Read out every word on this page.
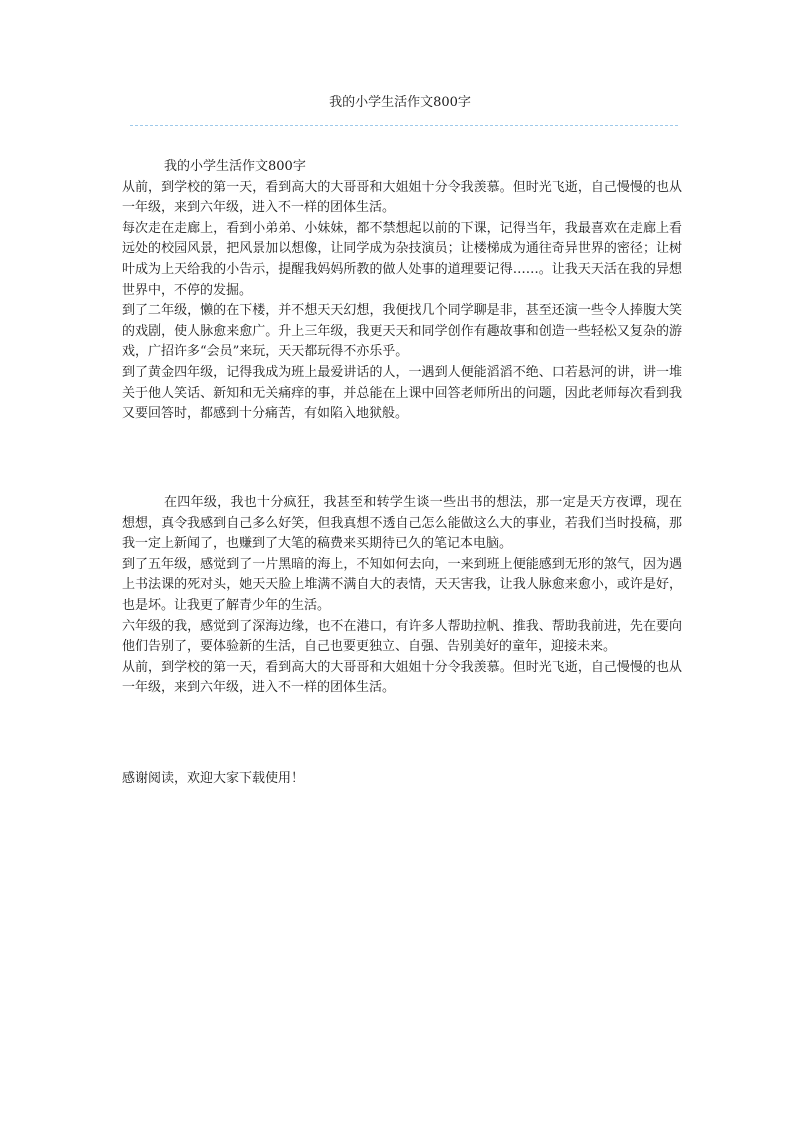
我的小学生活作文800字

我的小学生活作文800字

从前，到学校的第一天，看到高大的大哥哥和大姐姐十分令我羡慕。但时光飞逝，自己慢慢的也从一年级，来到六年级，进入不一样的团体生活。

每次走在走廊上，看到小弟弟、小妹妹，都不禁想起以前的下课，记得当年，我最喜欢在走廊上看远处的校园风景，把风景加以想像，让同学成为杂技演员；让楼梯成为通往奇异世界的密径；让树叶成为上天给我的小告示，提醒我妈妈所教的做人处事的道理要记得……。让我天天活在我的异想世界中，不停的发掘。

到了二年级，懒的在下楼，并不想天天幻想，我便找几个同学聊是非，甚至还演一些令人捧腹大笑的戏剧，使人脉愈来愈广。升上三年级，我更天天和同学创作有趣故事和创造一些轻松又复杂的游戏，广招许多“会员”来玩，天天都玩得不亦乐乎。

到了黄金四年级，记得我成为班上最爱讲话的人，一遇到人便能滔滔不绝、口若悬河的讲，讲一堆关于他人笑话、新知和无关痛痒的事，并总能在上课中回答老师所出的问题，因此老师每次看到我又要回答时，都感到十分痛苦，有如陷入地狱般。

在四年级，我也十分疯狂，我甚至和转学生谈一些出书的想法，那一定是天方夜谭，现在想想，真令我感到自己多么好笑，但我真想不透自己怎么能做这么大的事业，若我们当时投稿，那我一定上新闻了，也赚到了大笔的稿费来买期待已久的笔记本电脑。

到了五年级，感觉到了一片黑暗的海上，不知如何去向，一来到班上便能感到无形的煞气，因为遇上书法课的死对头，她天天脸上堆满不满自大的表情，天天害我，让我人脉愈来愈小，或许是好，也是坏。让我更了解青少年的生活。

六年级的我，感觉到了深海边缘，也不在港口，有许多人帮助拉帆、推我、帮助我前进，先在要向他们告别了，要体验新的生活，自己也要更独立、自强、告别美好的童年，迎接未来。

从前，到学校的第一天，看到高大的大哥哥和大姐姐十分令我羡慕。但时光飞逝，自己慢慢的也从一年级，来到六年级，进入不一样的团体生活。

感谢阅读，欢迎大家下载使用！
